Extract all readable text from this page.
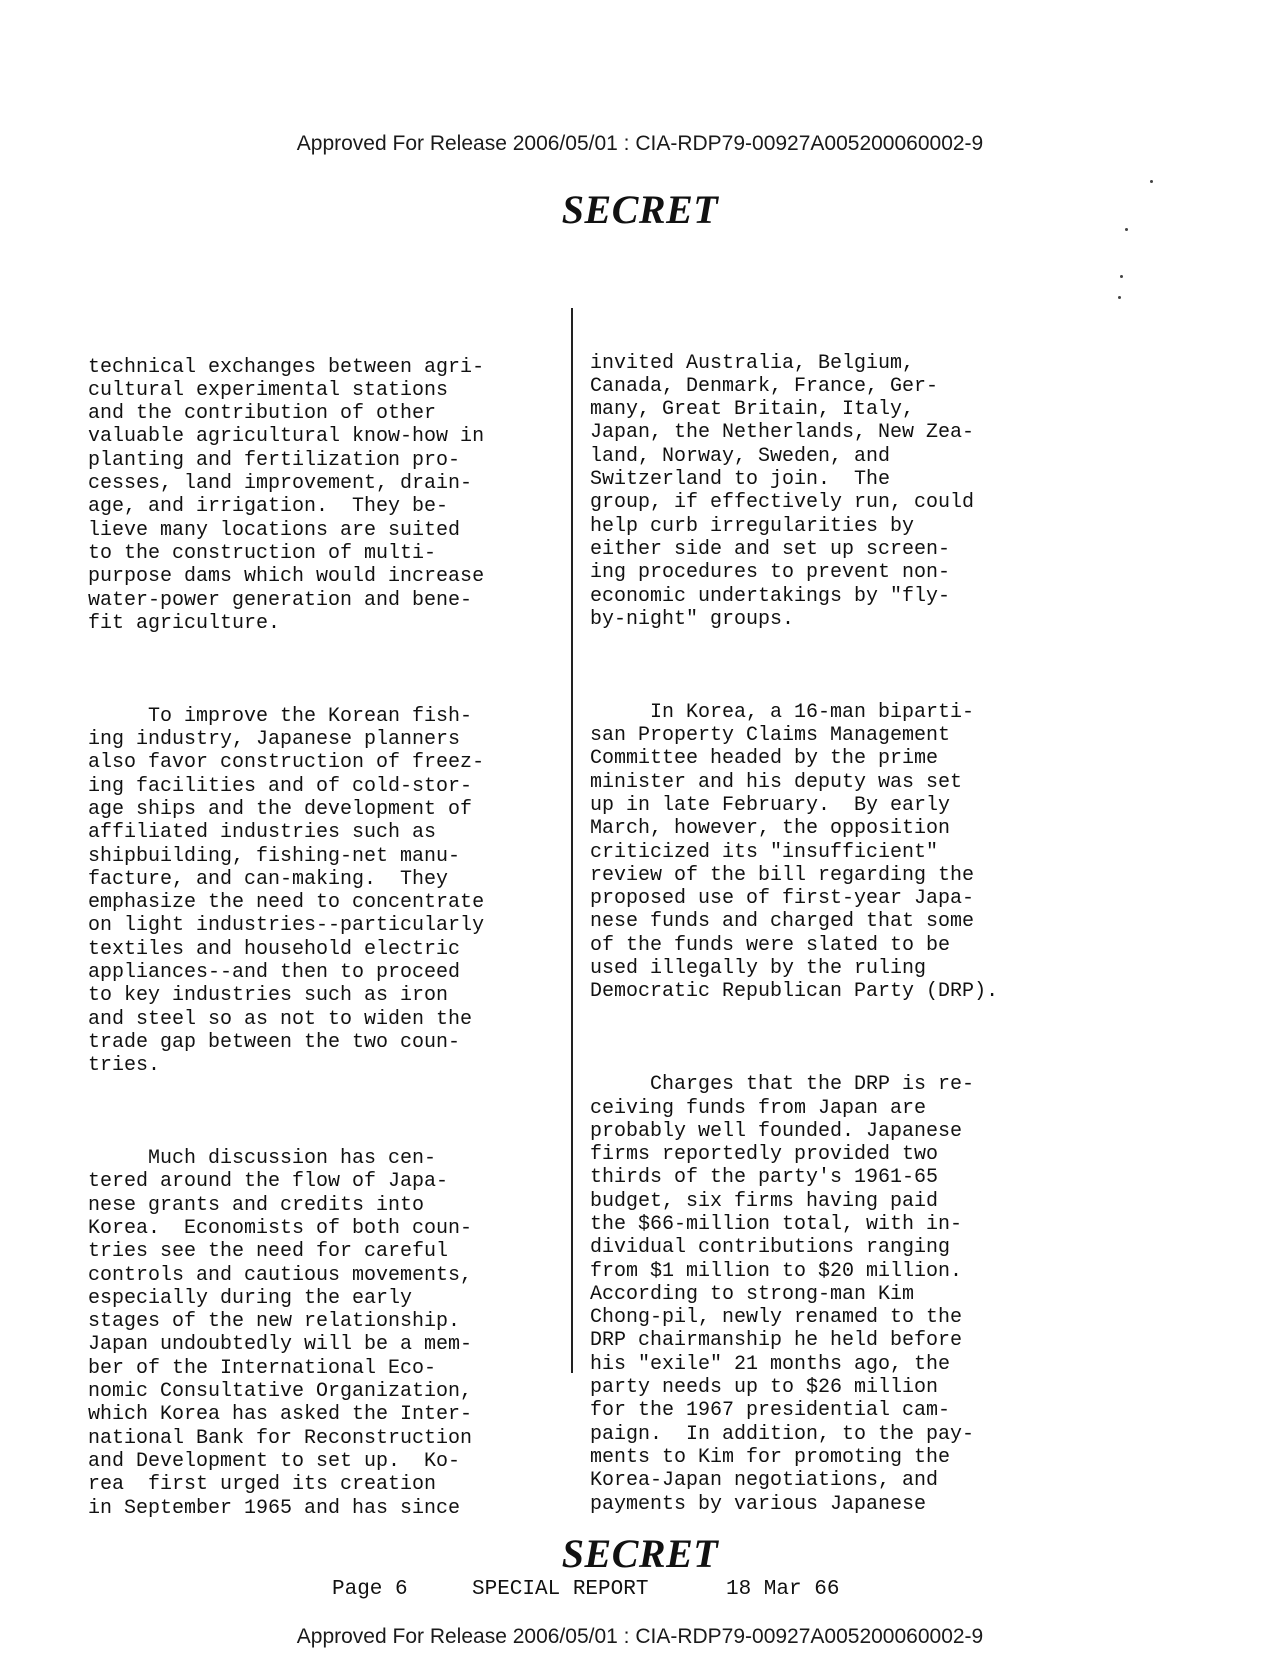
Approved For Release 2006/05/01 : CIA-RDP79-00927A005200060002-9
SECRET

technical exchanges between agri-
cultural experimental stations
and the contribution of other
valuable agricultural know-how in
planting and fertilization pro-
cesses, land improvement, drain-
age, and irrigation.  They be-
lieve many locations are suited
to the construction of multi-
purpose dams which would increase
water-power generation and bene-
fit agriculture.

To improve the Korean fish-
ing industry, Japanese planners
also favor construction of freez-
ing facilities and of cold-stor-
age ships and the development of
affiliated industries such as
shipbuilding, fishing-net manu-
facture, and can-making.  They
emphasize the need to concentrate
on light industries--particularly
textiles and household electric
appliances--and then to proceed
to key industries such as iron
and steel so as not to widen the
trade gap between the two coun-
tries.

Much discussion has cen-
tered around the flow of Japa-
nese grants and credits into
Korea.  Economists of both coun-
tries see the need for careful
controls and cautious movements,
especially during the early
stages of the new relationship.
Japan undoubtedly will be a mem-
ber of the International Eco-
nomic Consultative Organization,
which Korea has asked the Inter-
national Bank for Reconstruction
and Development to set up.  Ko-
rea  first urged its creation
in September 1965 and has since

invited Australia, Belgium,
Canada, Denmark, France, Ger-
many, Great Britain, Italy,
Japan, the Netherlands, New Zea-
land, Norway, Sweden, and
Switzerland to join.  The
group, if effectively run, could
help curb irregularities by
either side and set up screen-
ing procedures to prevent non-
economic undertakings by "fly-
by-night" groups.

In Korea, a 16-man biparti-
san Property Claims Management
Committee headed by the prime
minister and his deputy was set
up in late February.  By early
March, however, the opposition
criticized its "insufficient"
review of the bill regarding the
proposed use of first-year Japa-
nese funds and charged that some
of the funds were slated to be
used illegally by the ruling
Democratic Republican Party (DRP).

Charges that the DRP is re-
ceiving funds from Japan are
probably well founded. Japanese
firms reportedly provided two
thirds of the party's 1961-65
budget, six firms having paid
the $66-million total, with in-
dividual contributions ranging
from $1 million to $20 million.
According to strong-man Kim
Chong-pil, newly renamed to the
DRP chairmanship he held before
his "exile" 21 months ago, the
party needs up to $26 million
for the 1967 presidential cam-
paign.  In addition, to the pay-
ments to Kim for promoting the
Korea-Japan negotiations, and
payments by various Japanese

SECRET
Page 6	SPECIAL REPORT	18 Mar 66
Approved For Release 2006/05/01 : CIA-RDP79-00927A005200060002-9
